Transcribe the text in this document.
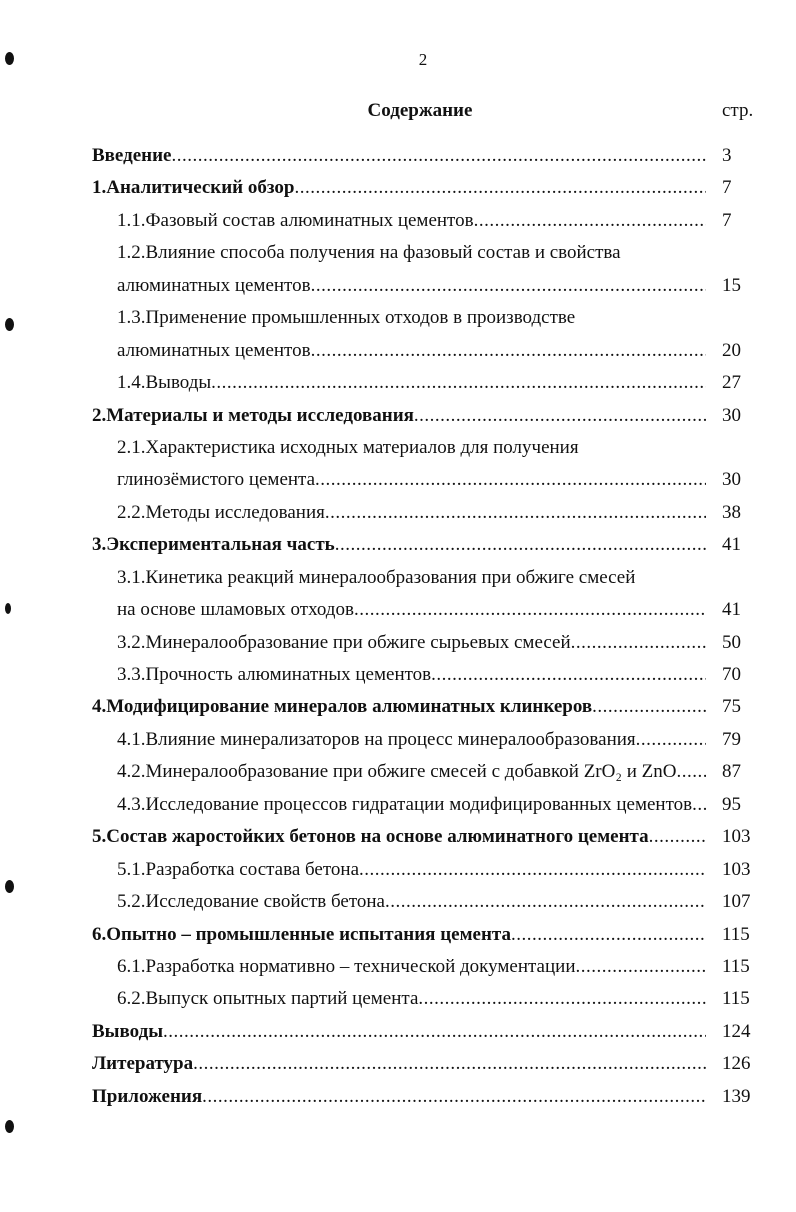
2
Содержание	стр.
Введение .....	3
1. Аналитический обзор .....	7
1.1.Фазовый состав алюминатных цементов .....	7
1.2.Влияние способа получения на фазовый состав и свойства
алюминатных цементов .....	15
1.3.Применение промышленных отходов в производстве
алюминатных цементов .....	20
1.4.Выводы .....	27
2. Материалы и методы исследования .....	30
2.1.Характеристика исходных материалов для получения
глинозёмистого цемента .....	30
2.2.Методы исследования .....	38
3. Экспериментальная часть .....	41
3.1.Кинетика реакций минералообразования при обжиге смесей
на основе шламовых отходов .....	41
3.2.Минералообразование при обжиге сырьевых смесей .....	50
3.3.Прочность алюминатных цементов .....	70
4. Модифицирование минералов алюминатных клинкеров .....	75
4.1.Влияние минерализаторов на процесс минералообразования .....	79
4.2.Минералообразование при обжиге смесей с добавкой ZrO₂ и ZnO ..... 87
4.3.Исследование процессов гидратации модифицированных цементов ..... 95
5. Состав жаростойких бетонов на основе алюминатного цемента .....	103
5.1.Разработка состава бетона .....	103
5.2.Исследование свойств бетона .....	107
6. Опытно – промышленные испытания цемента .....	115
6.1.Разработка нормативно – технической документации .....	115
6.2.Выпуск опытных партий цемента .....	115
Выводы .....	124
Литература .....	126
Приложения .....	139
